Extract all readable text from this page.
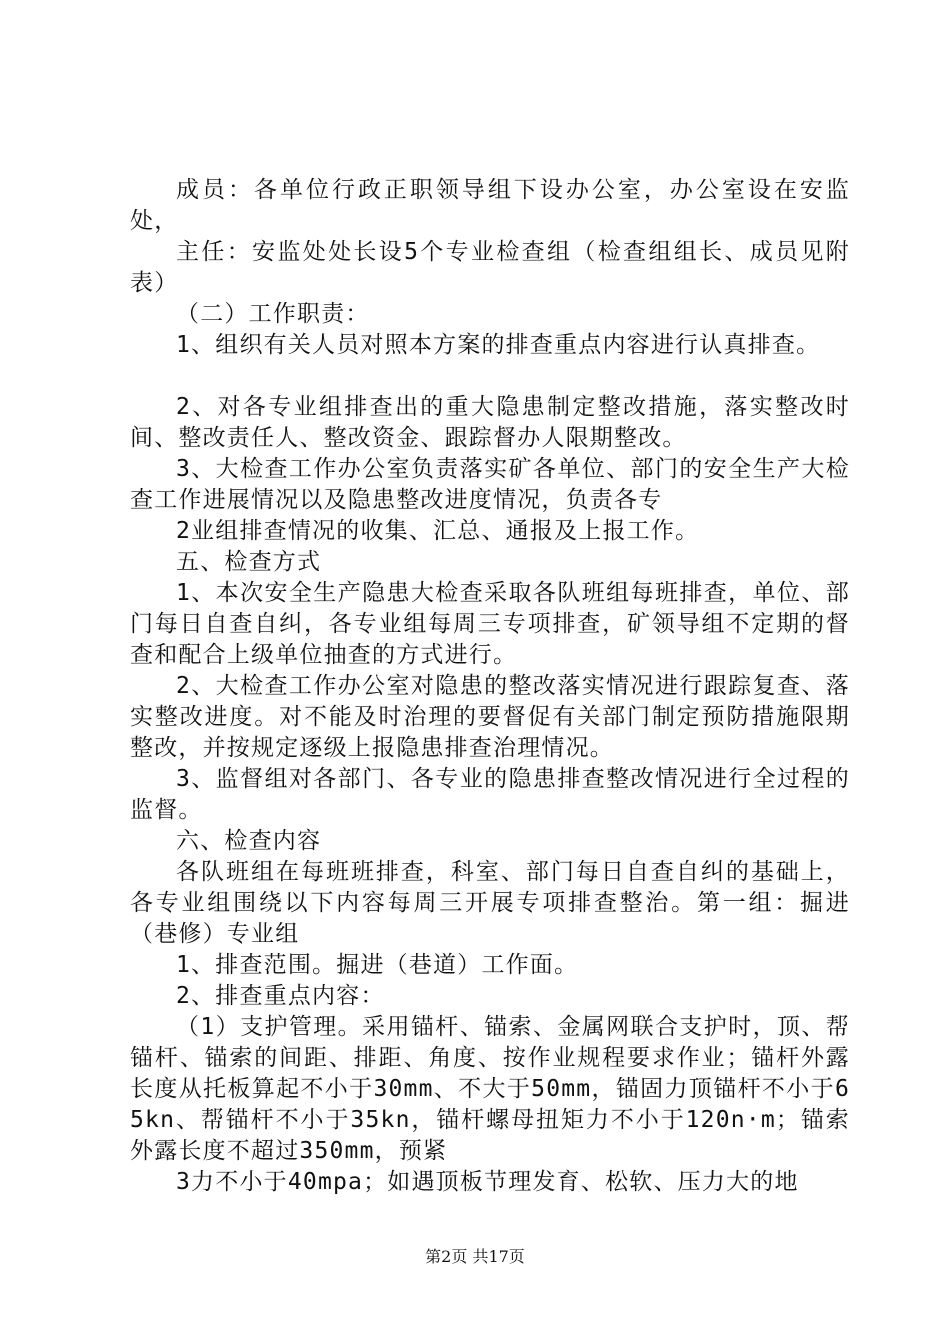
成员：各单位行政正职领导组下设办公室，办公室设在安监处，

主任：安监处处长设5个专业检查组（检查组组长、成员见附表）

（二）工作职责：

1、组织有关人员对照本方案的排查重点内容进行认真排查。

2、对各专业组排查出的重大隐患制定整改措施，落实整改时间、整改责任人、整改资金、跟踪督办人限期整改。

3、大检查工作办公室负责落实矿各单位、部门的安全生产大检查工作进展情况以及隐患整改进度情况，负责各专

2业组排查情况的收集、汇总、通报及上报工作。

五、检查方式

1、本次安全生产隐患大检查采取各队班组每班排查，单位、部门每日自查自纠，各专业组每周三专项排查，矿领导组不定期的督查和配合上级单位抽查的方式进行。

2、大检查工作办公室对隐患的整改落实情况进行跟踪复查、落实整改进度。对不能及时治理的要督促有关部门制定预防措施限期整改，并按规定逐级上报隐患排查治理情况。

3、监督组对各部门、各专业的隐患排查整改情况进行全过程的监督。

六、检查内容

各队班组在每班班排查，科室、部门每日自查自纠的基础上，各专业组围绕以下内容每周三开展专项排查整治。第一组：掘进（巷修）专业组

1、排查范围。掘进（巷道）工作面。

2、排查重点内容：

（1）支护管理。采用锚杆、锚索、金属网联合支护时，顶、帮锚杆、锚索的间距、排距、角度、按作业规程要求作业；锚杆外露长度从托板算起不小于30mm、不大于50mm，锚固力顶锚杆不小于65kn、帮锚杆不小于35kn，锚杆螺母扭矩力不小于120n·m；锚索外露长度不超过350mm，预紧

3力不小于40mpa；如遇顶板节理发育、松软、压力大的地

第2页 共17页
